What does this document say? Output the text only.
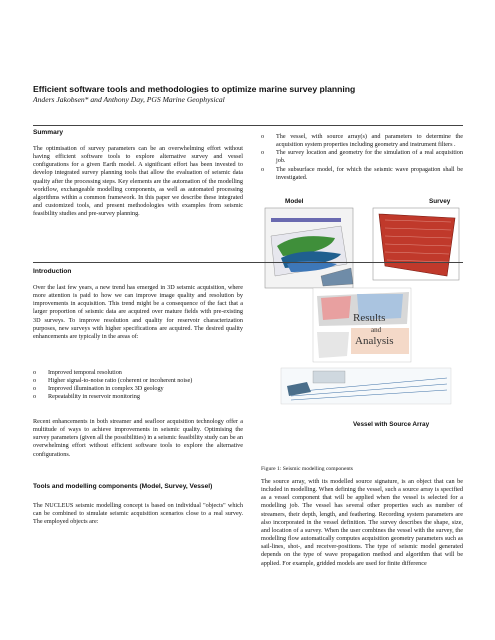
Efficient software tools and methodologies to optimize marine survey planning
Anders Jakobsen* and Anthony Day, PGS Marine Geophysical
Summary
The optimisation of survey parameters can be an overwhelming effort without having efficient software tools to explore alternative survey and vessel configurations for a given Earth model. A significant effort has been invested to develop integrated survey planning tools that allow the evaluation of seismic data quality after the processing steps. Key elements are the automation of the modelling workflow, exchangeable modelling components, as well as automated processing algorithms within a common framework. In this paper we describe these integrated and customized tools, and present methodologies with examples from seismic feasibility studies and pre-survey planning.
o	The vessel, with source array(s) and parameters to determine the acquisition system properties including geometry and instrument filters .
o	The survey location and geometry for the simulation of a real acquisition job.
o	The subsurface model, for which the seismic wave propagation shall be investigated.
Model	Survey
Results
and
Analysis
Vessel with Source Array
Figure 1: Seismic modelling components
Introduction
Over the last few years, a new trend has emerged in 3D seismic acquisition, where more attention is paid to how we can improve image quality and resolution by improvements in acquisition. This trend might be a consequence of the fact that a larger proportion of seismic data are acquired over mature fields with pre-existing 3D surveys. To improve resolution and quality for reservoir characterization purposes, new surveys with higher specifications are acquired. The desired quality enhancements are typically in the areas of:
o	Improved temporal resolution
o	Higher signal-to-noise ratio (coherent or incoherent noise)
o	Improved illumination in complex 3D geology
o	Repeatability in reservoir monitoring
Recent enhancements in both streamer and seafloor acquisition technology offer a multitude of ways to achieve improvements in seismic quality. Optimising the survey parameters (given all the possibilities) in a seismic feasibility study can be an overwhelming effort without efficient software tools to explore the alternative configurations.
Tools and modelling components (Model, Survey, Vessel)
The NUCLEUS seismic modelling concept is based on individual "objects" which can be combined to simulate seismic acquisition scenarios close to a real survey. The employed objects are:
The source array, with its modelled source signature, is an object that can be included in modelling. When defining the vessel, such a source array is specified as a vessel component that will be applied when the vessel is selected for a modelling job. The vessel has several other properties such as number of streamers, their depth, length, and feathering. Recording system parameters are also incorporated in the vessel definition. The survey describes the shape, size, and location of a survey. When the user combines the vessel with the survey, the modelling flow automatically computes acquisition geometry parameters such as sail-lines, shot-, and receiver-positions. The type of seismic model generated depends on the type of wave propagation method and algorithm that will be applied. For example, gridded models are used for finite difference
